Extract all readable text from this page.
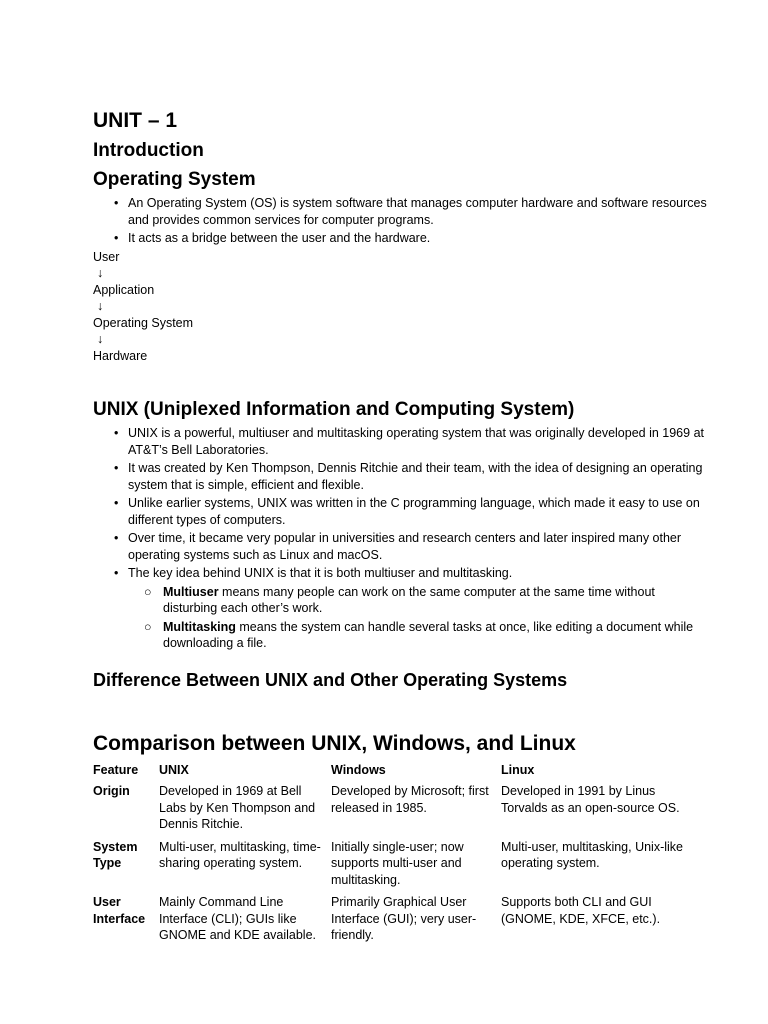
UNIT – 1
Introduction
Operating System
• An Operating System (OS) is system software that manages computer hardware and software resources and provides common services for computer programs.
• It acts as a bridge between the user and the hardware.
User
↓
Application
↓
Operating System
↓
Hardware
UNIX (Uniplexed Information and Computing System)
• UNIX is a powerful, multiuser and multitasking operating system that was originally developed in 1969 at AT&T’s Bell Laboratories.
• It was created by Ken Thompson, Dennis Ritchie and their team, with the idea of designing an operating system that is simple, efficient and flexible.
• Unlike earlier systems, UNIX was written in the C programming language, which made it easy to use on different types of computers.
• Over time, it became very popular in universities and research centers and later inspired many other operating systems such as Linux and macOS.
• The key idea behind UNIX is that it is both multiuser and multitasking.
○ Multiuser means many people can work on the same computer at the same time without disturbing each other’s work.
○ Multitasking means the system can handle several tasks at once, like editing a document while downloading a file.
Difference Between UNIX and Other Operating Systems
Comparison between UNIX, Windows, and Linux
Feature	UNIX	Windows	Linux
Origin	Developed in 1969 at Bell Labs by Ken Thompson and Dennis Ritchie.	Developed by Microsoft; first released in 1985.	Developed in 1991 by Linus Torvalds as an open-source OS.
System Type	Multi-user, multitasking, time-sharing operating system.	Initially single-user; now supports multi-user and multitasking.	Multi-user, multitasking, Unix-like operating system.
User Interface	Mainly Command Line Interface (CLI); GUIs like GNOME and KDE available.	Primarily Graphical User Interface (GUI); very user-friendly.	Supports both CLI and GUI (GNOME, KDE, XFCE, etc.).
